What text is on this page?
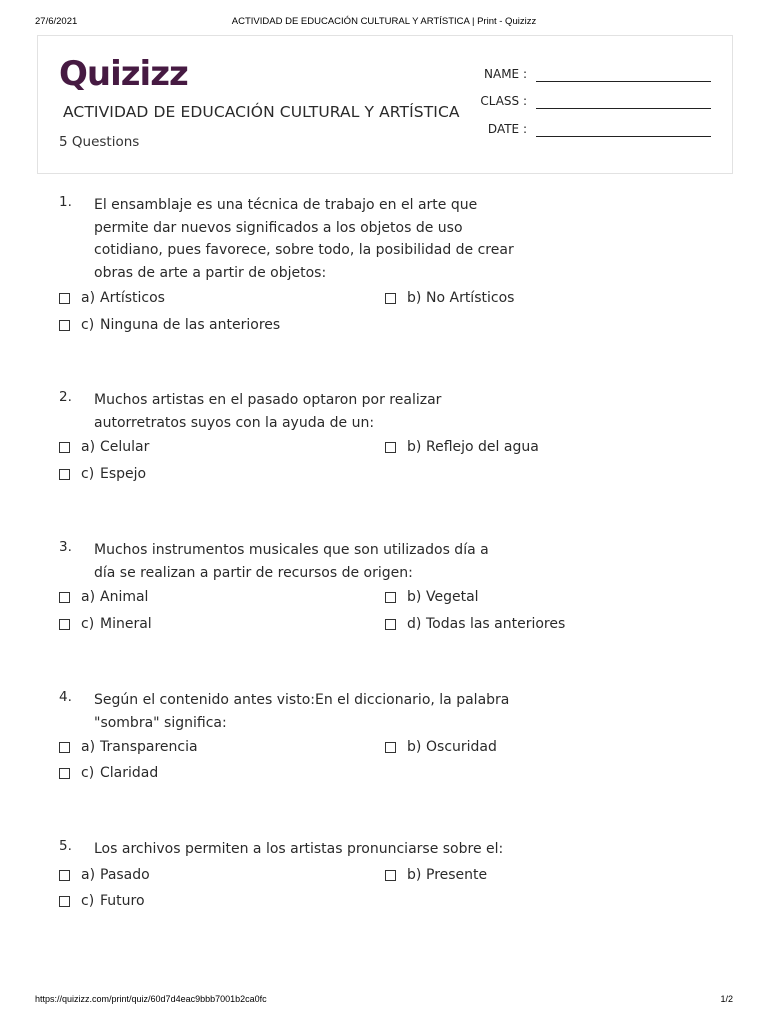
27/6/2021	ACTIVIDAD DE EDUCACIÓN CULTURAL Y ARTÍSTICA | Print - Quizizz
Quizizz
ACTIVIDAD DE EDUCACIÓN CULTURAL Y ARTÍSTICA
5 Questions
NAME :
CLASS :
DATE :
1. El ensamblaje es una técnica de trabajo en el arte que
permite dar nuevos significados a los objetos de uso
cotidiano, pues favorece, sobre todo, la posibilidad de crear
obras de arte a partir de objetos:
a) Artísticos	b) No Artísticos
c) Ninguna de las anteriores
2. Muchos artistas en el pasado optaron por realizar
autorretratos suyos con la ayuda de un:
a) Celular	b) Reflejo del agua
c) Espejo
3. Muchos instrumentos musicales que son utilizados día a
día se realizan a partir de recursos de origen:
a) Animal	b) Vegetal
c) Mineral	d) Todas las anteriores
4. Según el contenido antes visto:En el diccionario, la palabra
"sombra" significa:
a) Transparencia	b) Oscuridad
c) Claridad
5. Los archivos permiten a los artistas pronunciarse sobre el:
a) Pasado	b) Presente
c) Futuro
https://quizizz.com/print/quiz/60d7d4eac9bbb7001b2ca0fc	1/2
